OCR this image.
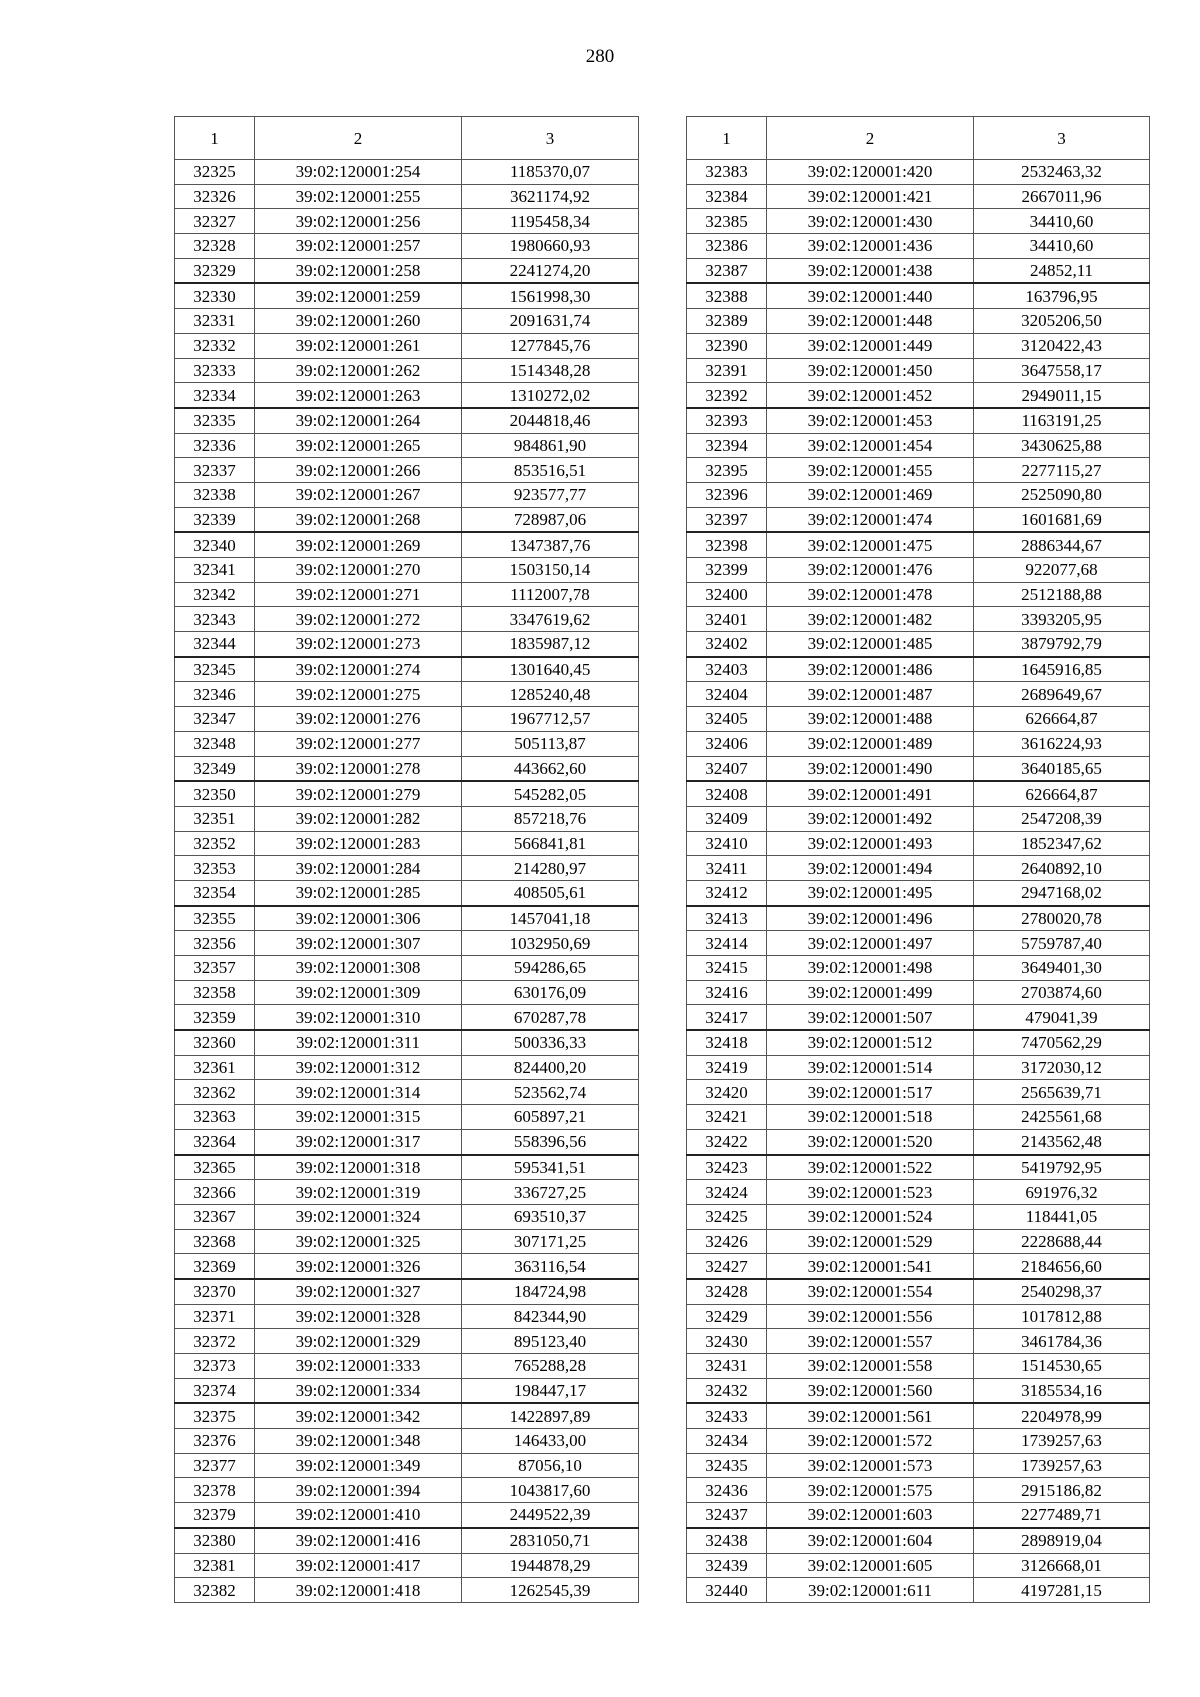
280
1	2	3
32325	39:02:120001:254	1185370,07
32326	39:02:120001:255	3621174,92
32327	39:02:120001:256	1195458,34
32328	39:02:120001:257	1980660,93
32329	39:02:120001:258	2241274,20
32330	39:02:120001:259	1561998,30
32331	39:02:120001:260	2091631,74
32332	39:02:120001:261	1277845,76
32333	39:02:120001:262	1514348,28
32334	39:02:120001:263	1310272,02
32335	39:02:120001:264	2044818,46
32336	39:02:120001:265	984861,90
32337	39:02:120001:266	853516,51
32338	39:02:120001:267	923577,77
32339	39:02:120001:268	728987,06
32340	39:02:120001:269	1347387,76
32341	39:02:120001:270	1503150,14
32342	39:02:120001:271	1112007,78
32343	39:02:120001:272	3347619,62
32344	39:02:120001:273	1835987,12
32345	39:02:120001:274	1301640,45
32346	39:02:120001:275	1285240,48
32347	39:02:120001:276	1967712,57
32348	39:02:120001:277	505113,87
32349	39:02:120001:278	443662,60
32350	39:02:120001:279	545282,05
32351	39:02:120001:282	857218,76
32352	39:02:120001:283	566841,81
32353	39:02:120001:284	214280,97
32354	39:02:120001:285	408505,61
32355	39:02:120001:306	1457041,18
32356	39:02:120001:307	1032950,69
32357	39:02:120001:308	594286,65
32358	39:02:120001:309	630176,09
32359	39:02:120001:310	670287,78
32360	39:02:120001:311	500336,33
32361	39:02:120001:312	824400,20
32362	39:02:120001:314	523562,74
32363	39:02:120001:315	605897,21
32364	39:02:120001:317	558396,56
32365	39:02:120001:318	595341,51
32366	39:02:120001:319	336727,25
32367	39:02:120001:324	693510,37
32368	39:02:120001:325	307171,25
32369	39:02:120001:326	363116,54
32370	39:02:120001:327	184724,98
32371	39:02:120001:328	842344,90
32372	39:02:120001:329	895123,40
32373	39:02:120001:333	765288,28
32374	39:02:120001:334	198447,17
32375	39:02:120001:342	1422897,89
32376	39:02:120001:348	146433,00
32377	39:02:120001:349	87056,10
32378	39:02:120001:394	1043817,60
32379	39:02:120001:410	2449522,39
32380	39:02:120001:416	2831050,71
32381	39:02:120001:417	1944878,29
32382	39:02:120001:418	1262545,39
1	2	3
32383	39:02:120001:420	2532463,32
32384	39:02:120001:421	2667011,96
32385	39:02:120001:430	34410,60
32386	39:02:120001:436	34410,60
32387	39:02:120001:438	24852,11
32388	39:02:120001:440	163796,95
32389	39:02:120001:448	3205206,50
32390	39:02:120001:449	3120422,43
32391	39:02:120001:450	3647558,17
32392	39:02:120001:452	2949011,15
32393	39:02:120001:453	1163191,25
32394	39:02:120001:454	3430625,88
32395	39:02:120001:455	2277115,27
32396	39:02:120001:469	2525090,80
32397	39:02:120001:474	1601681,69
32398	39:02:120001:475	2886344,67
32399	39:02:120001:476	922077,68
32400	39:02:120001:478	2512188,88
32401	39:02:120001:482	3393205,95
32402	39:02:120001:485	3879792,79
32403	39:02:120001:486	1645916,85
32404	39:02:120001:487	2689649,67
32405	39:02:120001:488	626664,87
32406	39:02:120001:489	3616224,93
32407	39:02:120001:490	3640185,65
32408	39:02:120001:491	626664,87
32409	39:02:120001:492	2547208,39
32410	39:02:120001:493	1852347,62
32411	39:02:120001:494	2640892,10
32412	39:02:120001:495	2947168,02
32413	39:02:120001:496	2780020,78
32414	39:02:120001:497	5759787,40
32415	39:02:120001:498	3649401,30
32416	39:02:120001:499	2703874,60
32417	39:02:120001:507	479041,39
32418	39:02:120001:512	7470562,29
32419	39:02:120001:514	3172030,12
32420	39:02:120001:517	2565639,71
32421	39:02:120001:518	2425561,68
32422	39:02:120001:520	2143562,48
32423	39:02:120001:522	5419792,95
32424	39:02:120001:523	691976,32
32425	39:02:120001:524	118441,05
32426	39:02:120001:529	2228688,44
32427	39:02:120001:541	2184656,60
32428	39:02:120001:554	2540298,37
32429	39:02:120001:556	1017812,88
32430	39:02:120001:557	3461784,36
32431	39:02:120001:558	1514530,65
32432	39:02:120001:560	3185534,16
32433	39:02:120001:561	2204978,99
32434	39:02:120001:572	1739257,63
32435	39:02:120001:573	1739257,63
32436	39:02:120001:575	2915186,82
32437	39:02:120001:603	2277489,71
32438	39:02:120001:604	2898919,04
32439	39:02:120001:605	3126668,01
32440	39:02:120001:611	4197281,15
